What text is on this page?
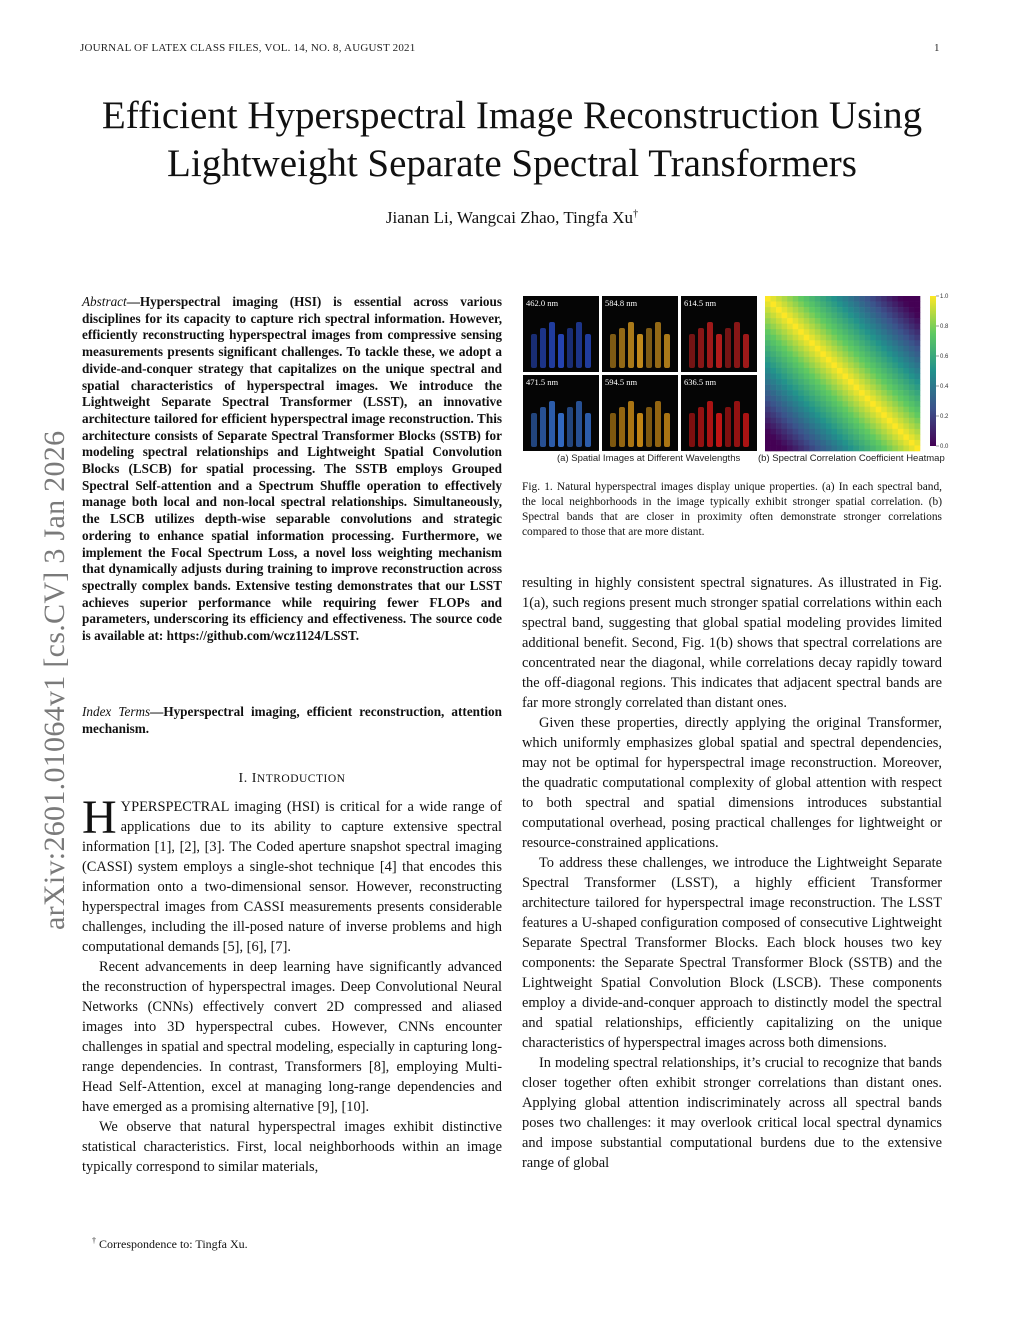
JOURNAL OF LATEX CLASS FILES, VOL. 14, NO. 8, AUGUST 2021	1
Efficient Hyperspectral Image Reconstruction Using
Lightweight Separate Spectral Transformers
Jianan Li, Wangcai Zhao, Tingfa Xu†
arXiv:2601.01064v1 [cs.CV] 3 Jan 2026

Abstract—Hyperspectral imaging (HSI) is essential across various disciplines for its capacity to capture rich spectral information. However, efficiently reconstructing hyperspectral images from compressive sensing measurements presents significant challenges. To tackle these, we adopt a divide-and-conquer strategy that capitalizes on the unique spectral and spatial characteristics of hyperspectral images. We introduce the Lightweight Separate Spectral Transformer (LSST), an innovative architecture tailored for efficient hyperspectral image reconstruction. This architecture consists of Separate Spectral Transformer Blocks (SSTB) for modeling spectral relationships and Lightweight Spatial Convolution Blocks (LSCB) for spatial processing. The SSTB employs Grouped Spectral Self-attention and a Spectrum Shuffle operation to effectively manage both local and non-local spectral relationships. Simultaneously, the LSCB utilizes depth-wise separable convolutions and strategic ordering to enhance spatial information processing. Furthermore, we implement the Focal Spectrum Loss, a novel loss weighting mechanism that dynamically adjusts during training to improve reconstruction across spectrally complex bands. Extensive testing demonstrates that our LSST achieves superior performance while requiring fewer FLOPs and parameters, underscoring its efficiency and effectiveness. The source code is available at: https://github.com/wcz1124/LSST.

Index Terms—Hyperspectral imaging, efficient reconstruction, attention mechanism.

I. INTRODUCTION

HYPERSPECTRAL imaging (HSI) is critical for a wide range of applications due to its ability to capture extensive spectral information [1], [2], [3]. The Coded aperture snapshot spectral imaging (CASSI) system employs a single-shot technique [4] that encodes this information onto a two-dimensional sensor. However, reconstructing hyperspectral images from CASSI measurements presents considerable challenges, including the ill-posed nature of inverse problems and high computational demands [5], [6], [7].

Recent advancements in deep learning have significantly advanced the reconstruction of hyperspectral images. Deep Convolutional Neural Networks (CNNs) effectively convert 2D compressed and aliased images into 3D hyperspectral cubes. However, CNNs encounter challenges in spatial and spectral modeling, especially in capturing long-range dependencies. In contrast, Transformers [8], employing Multi-Head Self-Attention, excel at managing long-range dependencies and have emerged as a promising alternative [9], [10].

We observe that natural hyperspectral images exhibit distinctive statistical characteristics. First, local neighborhoods within an image typically correspond to similar materials,

† Correspondence to: Tingfa Xu.
462.0 nm	584.8 nm	614.5 nm
471.5 nm	594.5 nm	636.5 nm
1.0
0.8
0.6
0.4
0.2
0.0
(a) Spatial Images at Different Wavelengths (b) Spectral Correlation Coefficient Heatmap

Fig. 1. Natural hyperspectral images display unique properties. (a) In each spectral band, the local neighborhoods in the image typically exhibit stronger spatial correlation. (b) Spectral bands that are closer in proximity often demonstrate stronger correlations compared to those that are more distant.

resulting in highly consistent spectral signatures. As illustrated in Fig. 1(a), such regions present much stronger spatial correlations within each spectral band, suggesting that global spatial modeling provides limited additional benefit. Second, Fig. 1(b) shows that spectral correlations are concentrated near the diagonal, while correlations decay rapidly toward the off-diagonal regions. This indicates that adjacent spectral bands are far more strongly correlated than distant ones.

Given these properties, directly applying the original Transformer, which uniformly emphasizes global spatial and spectral dependencies, may not be optimal for hyperspectral image reconstruction. Moreover, the quadratic computational complexity of global attention with respect to both spectral and spatial dimensions introduces substantial computational overhead, posing practical challenges for lightweight or resource-constrained applications.

To address these challenges, we introduce the Lightweight Separate Spectral Transformer (LSST), a highly efficient Transformer architecture tailored for hyperspectral image reconstruction. The LSST features a U-shaped configuration composed of consecutive Lightweight Separate Spectral Transformer Blocks. Each block houses two key components: the Separate Spectral Transformer Block (SSTB) and the Lightweight Spatial Convolution Block (LSCB). These components employ a divide-and-conquer approach to distinctly model the spectral and spatial relationships, efficiently capitalizing on the unique characteristics of hyperspectral images across both dimensions.

In modeling spectral relationships, it’s crucial to recognize that bands closer together often exhibit stronger correlations than distant ones. Applying global attention indiscriminately across all spectral bands poses two challenges: it may overlook critical local spectral dynamics and impose substantial computational burdens due to the extensive range of global
